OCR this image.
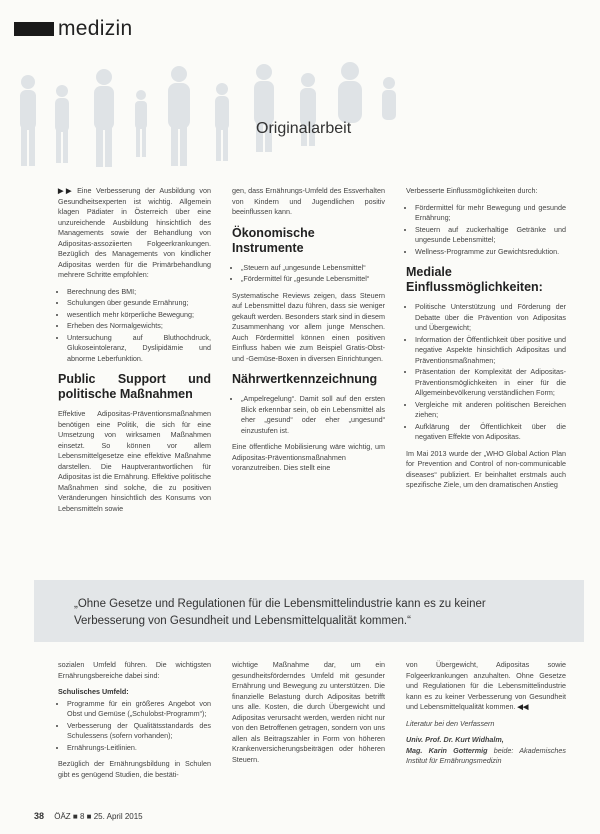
medizin
Originalarbeit

▶▶ Eine Verbesserung der Ausbildung von Gesundheitsexperten ist wichtig. Allgemein klagen Pädiater in Österreich über eine unzureichende Ausbildung hinsichtlich des Managements sowie der Behandlung von Adipositas-assoziierten Folgeerkrankungen. Bezüglich des Managements von kindlicher Adipositas werden für die Primärbehandlung mehrere Schritte empfohlen:

• Berechnung des BMI;
• Schulungen über gesunde Ernährung;
• wesentlich mehr körperliche Bewegung;
• Erheben des Normalgewichts;
• Untersuchung auf Bluthochdruck, Glukoseintoleranz, Dyslipidämie und abnorme Leberfunktion.
Public Support und politische Maßnahmen

Effektive Adipositas-Präventionsmaßnahmen benötigen eine Politik, die sich für eine Umsetzung von wirksamen Maßnahmen einsetzt. So können vor allem Lebensmittelgesetze eine effektive Maßnahme darstellen. Die Hauptverantwortlichen für Adipositas ist die Ernährung. Effektive politische Maßnahmen sind solche, die zu positiven Veränderungen hinsichtlich des Konsums von Lebensmitteln sowie

gen, dass Ernährungs-Umfeld des Essverhalten von Kindern und Jugendlichen positiv beeinflussen kann.

Ökonomische Instrumente
• „Steuern auf „ungesunde Lebensmittel“
• „Fördermittel für „gesunde Lebensmittel“

Systematische Reviews zeigen, dass Steuern auf Lebensmittel dazu führen, dass sie weniger gekauft werden. Besonders stark sind in diesem Zusammenhang vor allem junge Menschen. Auch Fördermittel können einen positiven Einfluss haben wie zum Beispiel Gratis-Obst- und -Gemüse-Boxen in diversen Einrichtungen.

Nährwertkennzeichnung
• „Ampelregelung“. Damit soll auf den ersten Blick erkennbar sein, ob ein Lebensmittel als eher „gesund“ oder eher „ungesund“ einzustufen ist.

Eine öffentliche Mobilisierung wäre wichtig, um Adipositas-Präventionsmaßnahmen voranzutreiben. Dies stellt eine

Verbesserte Einflussmöglichkeiten durch:

• Fördermittel für mehr Bewegung und gesunde Ernährung;
• Steuern auf zuckerhaltige Getränke und ungesunde Lebensmittel;
• Wellness-Programme zur Gewichtsreduktion.
Mediale Einflussmöglichkeiten:
• Politische Unterstützung und Förderung der Debatte über die Prävention von Adipositas und Übergewicht;
• Information der Öffentlichkeit über positive und negative Aspekte hinsichtlich Adipositas und Präventionsmaßnahmen;
• Präsentation der Komplexität der Adipositas-Präventionsmöglichkeiten in einer für die Allgemeinbevölkerung verständlichen Form;
• Vergleiche mit anderen politischen Bereichen ziehen;
• Aufklärung der Öffentlichkeit über die negativen Effekte von Adipositas.

Im Mai 2013 wurde der „WHO Global Action Plan for Prevention and Control of non-communicable diseases“ publiziert. Er beinhaltet erstmals auch spezifische Ziele, um den dramatischen Anstieg

„Ohne Gesetze und Regulationen für die Lebensmittelindustrie kann es zu keiner Verbesserung von Gesundheit und Lebensmittelqualität kommen.“

sozialen Umfeld führen. Die wichtigsten Ernährungsbereiche dabei sind:

Schulisches Umfeld:

• Programme für ein größeres Angebot von Obst und Gemüse („Schulobst-Programm“);
• Verbesserung der Qualitätsstandards des Schulessens (sofern vorhanden);
• Ernährungs-Leitlinien.

Bezüglich der Ernährungsbildung in Schulen gibt es genügend Studien, die bestäti-

wichtige Maßnahme dar, um ein gesundheitsförderndes Umfeld mit gesunder Ernährung und Bewegung zu unterstützen. Die finanzielle Belastung durch Adipositas betrifft uns alle. Kosten, die durch Übergewicht und Adipositas verursacht werden, werden nicht nur von den Betroffenen getragen, sondern von uns allen als Beitragszahler in Form von höheren Krankenversicherungsbeiträgen oder höheren Steuern.

von Übergewicht, Adipositas sowie Folgeerkrankungen anzuhalten. Ohne Gesetze und Regulationen für die Lebensmittelindustrie kann es zu keiner Verbesserung von Gesundheit und Lebensmittelqualität kommen. ◀◀

Literatur bei den Verfassern

Univ. Prof. Dr. Kurt Widhalm,
Mag. Karin Gottermig beide: Akademisches Institut für Ernährungsmedizin

38 ÖÄZ ■ 8 ■ 25. April 2015
